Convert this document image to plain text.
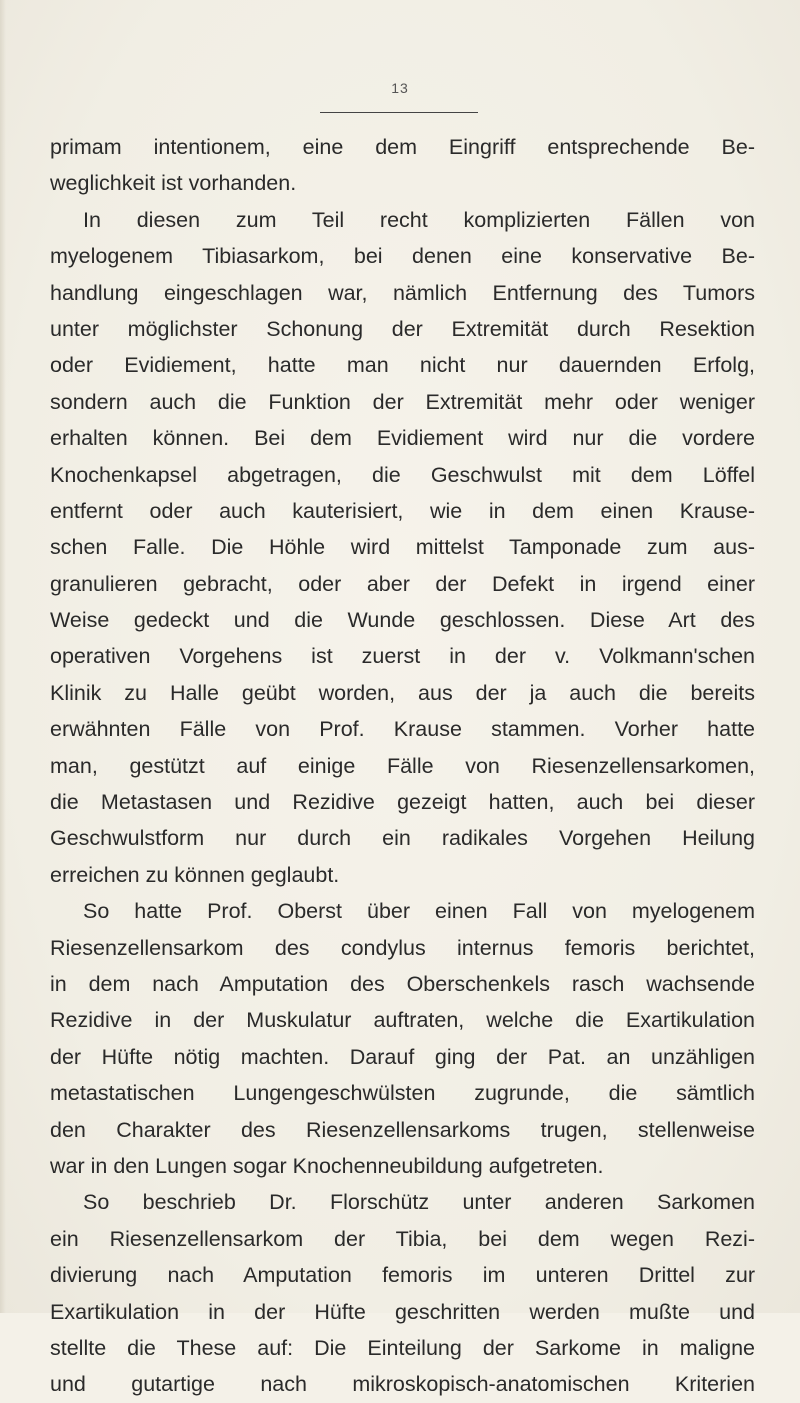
13
primam intentionem, eine dem Eingriff entsprechende Be-
weglichkeit ist vorhanden.
In diesen zum Teil recht komplizierten Fällen von
myelogenem Tibiasarkom, bei denen eine konservative Be-
handlung eingeschlagen war, nämlich Entfernung des Tumors
unter möglichster Schonung der Extremität durch Resektion
oder Evidiement, hatte man nicht nur dauernden Erfolg,
sondern auch die Funktion der Extremität mehr oder weniger
erhalten können. Bei dem Evidiement wird nur die vordere
Knochenkapsel abgetragen, die Geschwulst mit dem Löffel
entfernt oder auch kauterisiert, wie in dem einen Krause-
schen Falle. Die Höhle wird mittelst Tamponade zum aus-
granulieren gebracht, oder aber der Defekt in irgend einer
Weise gedeckt und die Wunde geschlossen. Diese Art des
operativen Vorgehens ist zuerst in der v. Volkmann'schen
Klinik zu Halle geübt worden, aus der ja auch die bereits
erwähnten Fälle von Prof. Krause stammen. Vorher hatte
man, gestützt auf einige Fälle von Riesenzellensarkomen,
die Metastasen und Rezidive gezeigt hatten, auch bei dieser
Geschwulstform nur durch ein radikales Vorgehen Heilung
erreichen zu können geglaubt.
So hatte Prof. Oberst über einen Fall von myelogenem
Riesenzellensarkom des condylus internus femoris berichtet,
in dem nach Amputation des Oberschenkels rasch wachsende
Rezidive in der Muskulatur auftraten, welche die Exartikulation
der Hüfte nötig machten. Darauf ging der Pat. an unzähligen
metastatischen Lungengeschwülsten zugrunde, die sämtlich
den Charakter des Riesenzellensarkoms trugen, stellenweise
war in den Lungen sogar Knochenneubildung aufgetreten.
So beschrieb Dr. Florschütz unter anderen Sarkomen
ein Riesenzellensarkom der Tibia, bei dem wegen Rezi-
divierung nach Amputation femoris im unteren Drittel zur
Exartikulation in der Hüfte geschritten werden mußte und
stellte die These auf: Die Einteilung der Sarkome in maligne
und gutartige nach mikroskopisch-anatomischen Kriterien
